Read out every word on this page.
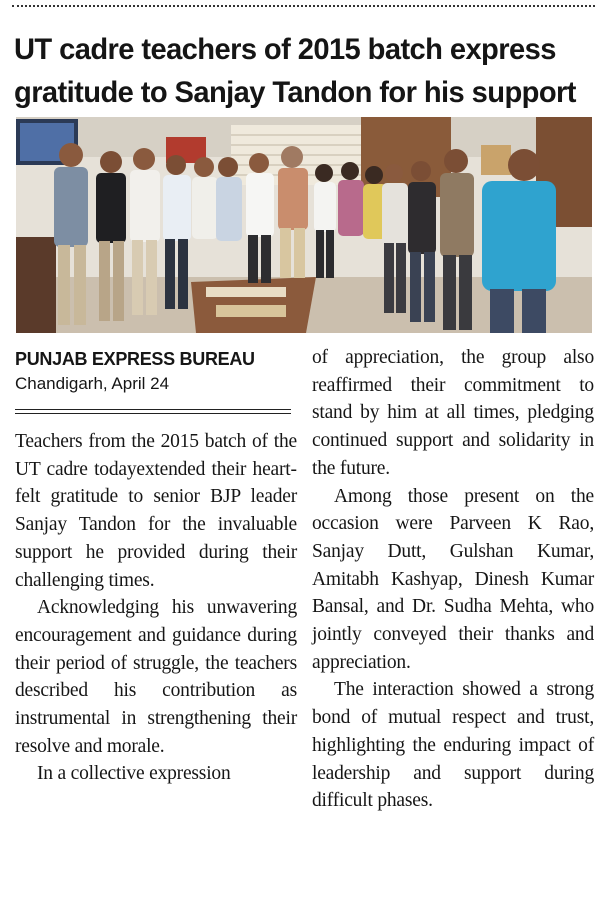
UT cadre teachers of 2015 batch express gratitude to Sanjay Tandon for his support
PUNJAB EXPRESS BUREAU
Chandigarh, April 24

Teachers from the 2015 batch of the UT cadre todayextended their heartfelt gratitude to senior BJP leader Sanjay Tandon for the invaluable support he provided during their challenging times.

Acknowledging his unwavering encouragement and guidance during their period of struggle, the teachers described his contribution as instrumental in strengthening their resolve and morale.

In a collective expression

of appreciation, the group also reaffirmed their commitment to stand by him at all times, pledging continued support and solidarity in the future.

Among those present on the occasion were Parveen K Rao, Sanjay Dutt, Gulshan Kumar, Amitabh Kashyap, Dinesh Kumar Bansal, and Dr. Sudha Mehta, who jointly conveyed their thanks and appreciation.

The interaction showed a strong bond of mutual respect and trust, highlighting the enduring impact of leadership and support during difficult phases.
